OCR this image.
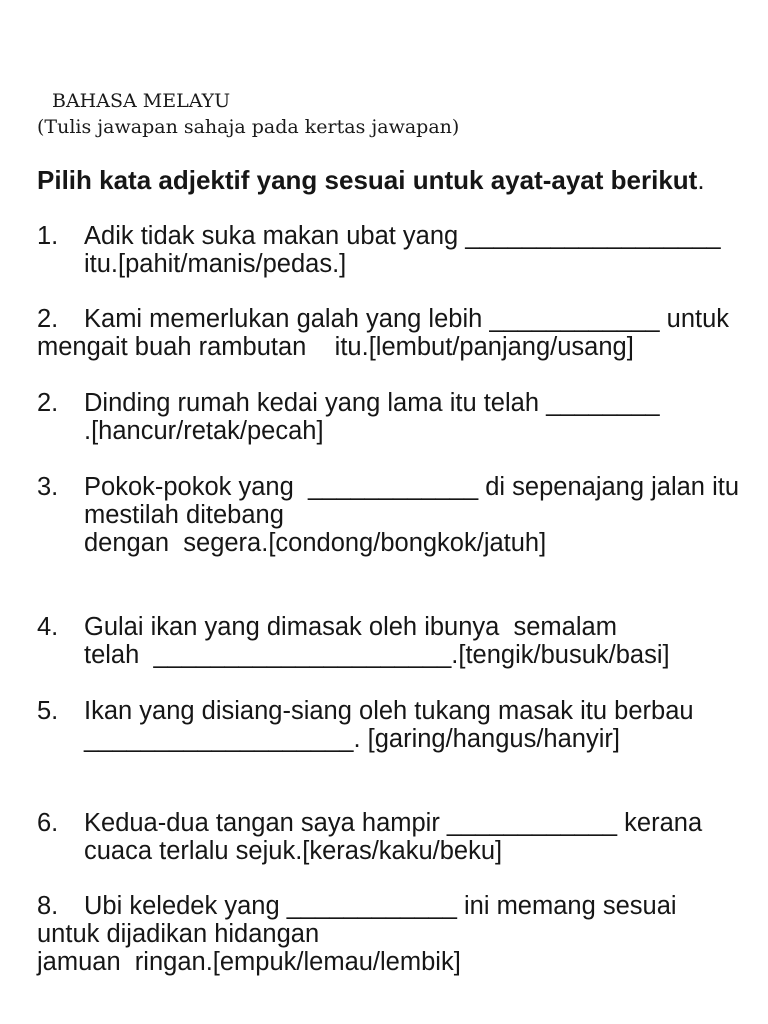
BAHASA MELAYU
(Tulis jawapan sahaja pada kertas jawapan)
Pilih kata adjektif yang sesuai untuk ayat-ayat berikut.
1. Adik tidak suka makan ubat yang __________________
itu.[pahit/manis/pedas.]
2. Kami memerlukan galah yang lebih ____________ untuk
mengait buah rambutan    itu.[lembut/panjang/usang]
2. Dinding rumah kedai yang lama itu telah ________
.[hancur/retak/pecah]
3. Pokok-pokok yang  ____________ di sepenajang jalan itu
mestilah ditebang
dengan  segera.[condong/bongkok/jatuh]
4. Gulai ikan yang dimasak oleh ibunya  semalam
telah  _____________________.[tengik/busuk/basi]
5. Ikan yang disiang-siang oleh tukang masak itu berbau
___________________. [garing/hangus/hanyir]
6. Kedua-dua tangan saya hampir ____________ kerana
cuaca terlalu sejuk.[keras/kaku/beku]
8. Ubi keledek yang ____________ ini memang sesuai
untuk dijadikan hidangan
jamuan  ringan.[empuk/lemau/lembik]
